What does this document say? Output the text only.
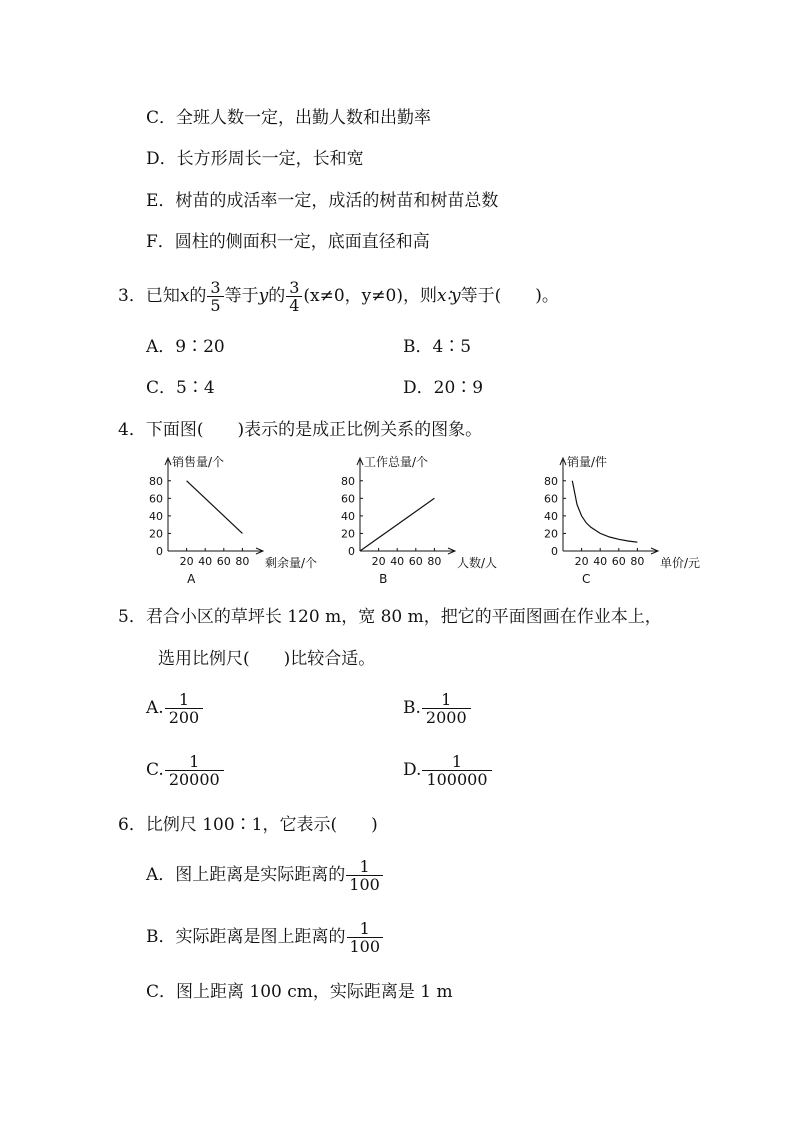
C．全班人数一定，出勤人数和出勤率
D．长方形周长一定，长和宽
E．树苗的成活率一定，成活的树苗和树苗总数
F．圆柱的侧面积一定，底面直径和高
3．已知x的 $\frac{3}{5}$ 等于y的 $\frac{3}{4} (x\ne 0$，y≠0)，则x∶y等于(　　)。
A．9∶20	B．4∶5
C．5∶4	D．20∶9
4．下面图(　　)表示的是成正比例关系的图象。
0
20
40
60
80
20 40 60 80
销售量/个
剩余量/个
A
0
20
40
60
80
20 40 60 80
工作总量/个
人数/人
B
0
20
40
60
80
20 40 60 80
销量/件
单价/元
C
5．君合小区的草坪长 120 m，宽 80 m，把它的平面图画在作业本上，
选用比例尺(　　)比较合适。
A. $\frac{1}{200}$	B. $\frac{1}{2000}$
C. $\frac{1}{20000}$	D. $\frac{1}{100000}$
6．比例尺 100∶1，它表示(　　)
A．图上距离是实际距离的 $\frac{1}{100}$
B．实际距离是图上距离的 $\frac{1}{100}$
C．图上距离 100 cm，实际距离是 1 m
